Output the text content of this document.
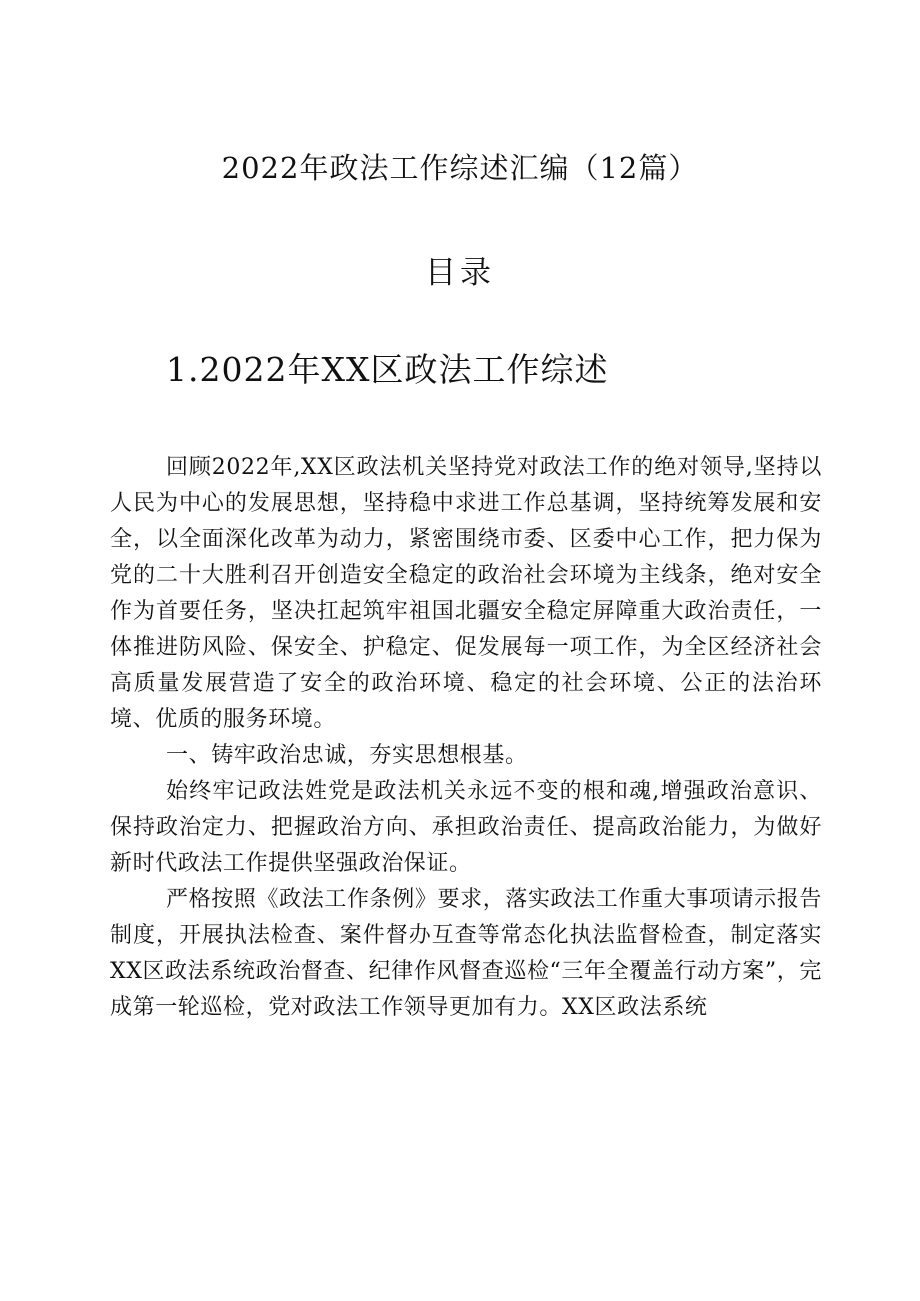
2022年政法工作综述汇编（12篇）
目录
1.2022年XX区政法工作综述

回顾2022年,XX区政法机关坚持党对政法工作的绝对领导,坚持以人民为中心的发展思想，坚持稳中求进工作总基调，坚持统筹发展和安全，以全面深化改革为动力，紧密围绕市委、区委中心工作，把力保为党的二十大胜利召开创造安全稳定的政治社会环境为主线条，绝对安全作为首要任务，坚决扛起筑牢祖国北疆安全稳定屏障重大政治责任，一体推进防风险、保安全、护稳定、促发展每一项工作，为全区经济社会高质量发展营造了安全的政治环境、稳定的社会环境、公正的法治环境、优质的服务环境。

一、铸牢政治忠诚，夯实思想根基。

始终牢记政法姓党是政法机关永远不变的根和魂,增强政治意识、保持政治定力、把握政治方向、承担政治责任、提高政治能力，为做好新时代政法工作提供坚强政治保证。

严格按照《政法工作条例》要求，落实政法工作重大事项请示报告制度，开展执法检查、案件督办互查等常态化执法监督检查，制定落实XX区政法系统政治督查、纪律作风督查巡检“三年全覆盖行动方案”，完成第一轮巡检，党对政法工作领导更加有力。XX区政法系统
